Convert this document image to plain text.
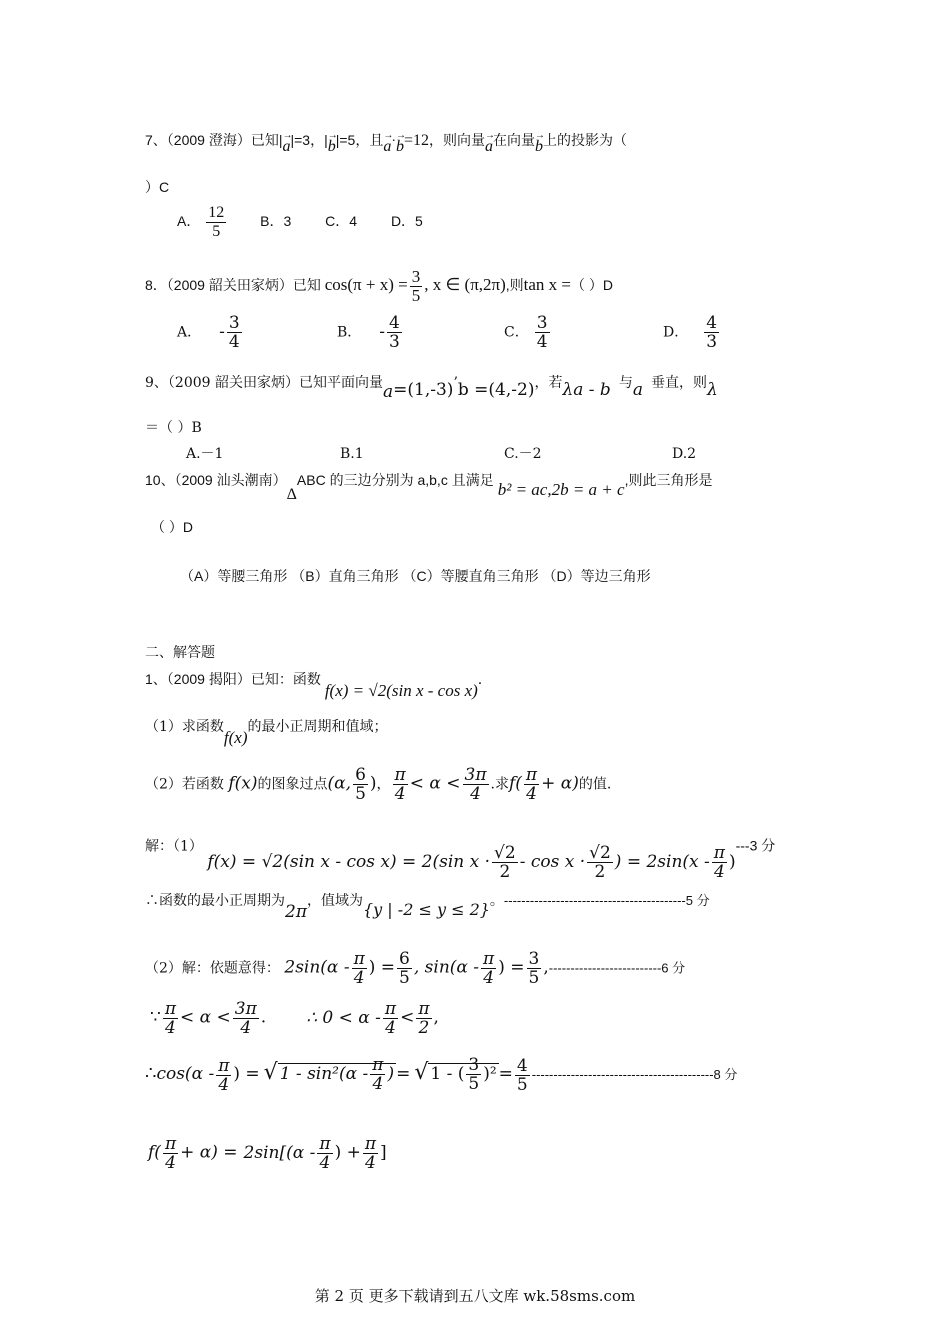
7、（2009 澄海）已知|→ a|=3，|→ b|=5，且→ a·→ b=12，则向量→ a在向量→ b上的投影为（
）C
A． $\frac{12}{5}$ B．3 C．4 D．5
8．（2009 韶关田家炳）已知 $\cos(\pi + x) = \frac{3}{5}$ , x ∈ (π,2π),则tan x =（ ）D
A． - $\frac{3}{4}$	B． - $\frac{4}{3}$	C． $\frac{3}{4}$	D． $\frac{4}{3}$
9、（2009 韶关田家炳）已知平面向量a=(1,-3)’b =(4,-2)，若λa - b 与a 垂直，则λ
＝（ ）B
A.－1	B.1	C.－2	D.2
10、（2009 汕头潮南）ΔABC 的三边分别为 a,b,c 且满足 b² = ac,2b = a + c,则此三角形是
（ ）D
（A）等腰三角形 （B）直角三角形 （C）等腰直角三角形 （D）等边三角形
二、解答题
1、（2009 揭阳）已知：函数f(x) = √2(sin x - cos x).
（1）求函数f(x)的最小正周期和值域；
（2）若函数 f(x)的图象过点(α, $\frac{6}{5}$ )， $\frac{\pi}{4} < \alpha < \frac{3\pi}{4}$ .求$f( \frac{\pi}{4} + \alpha)$的值.
解：（1） f(x) = √2(sin x - cos x) = 2(sin $x \cdot \frac{√2}{2} - \cos x \cdot \frac{√2}{2}$ ) = $2\sin(x - \frac{\pi}{4} )---3$ 分
∴函数的最小正周期为2π，值域为{y | -2 ≤ y ≤ 2}。------------------------------------------5 分
（2）解：依题意得： $2\sin(\alpha - \frac{\pi}{4}$ ) = $\frac{6}{5}$ , $\sin(\alpha - \frac{\pi}{4}$ ) = $\frac{3}{5} ,--------------------------6$ 分
∵ $\frac{\pi}{4} < \alpha < \frac{3\pi}{4}$ . ∴ $0 < \alpha - \frac{\pi}{4} < \frac{\pi}{2}$ ,
∴cos(α - $\frac{\pi}{4}$ ) = √ $1 - \sin^2(\alpha - \frac{\pi}{4}$ ) = √ 1 - ( $\frac{3}{5} )^2 = \frac{4}{5} ------------------------------------------8$ 分
$f( \frac{\pi}{4} + \alpha) = 2\sin[(\alpha - \frac{\pi}{4}$ ) + $\frac{\pi}{4}$ ]
第 2 页 更多下载请到五八文库 wk.58sms.com
